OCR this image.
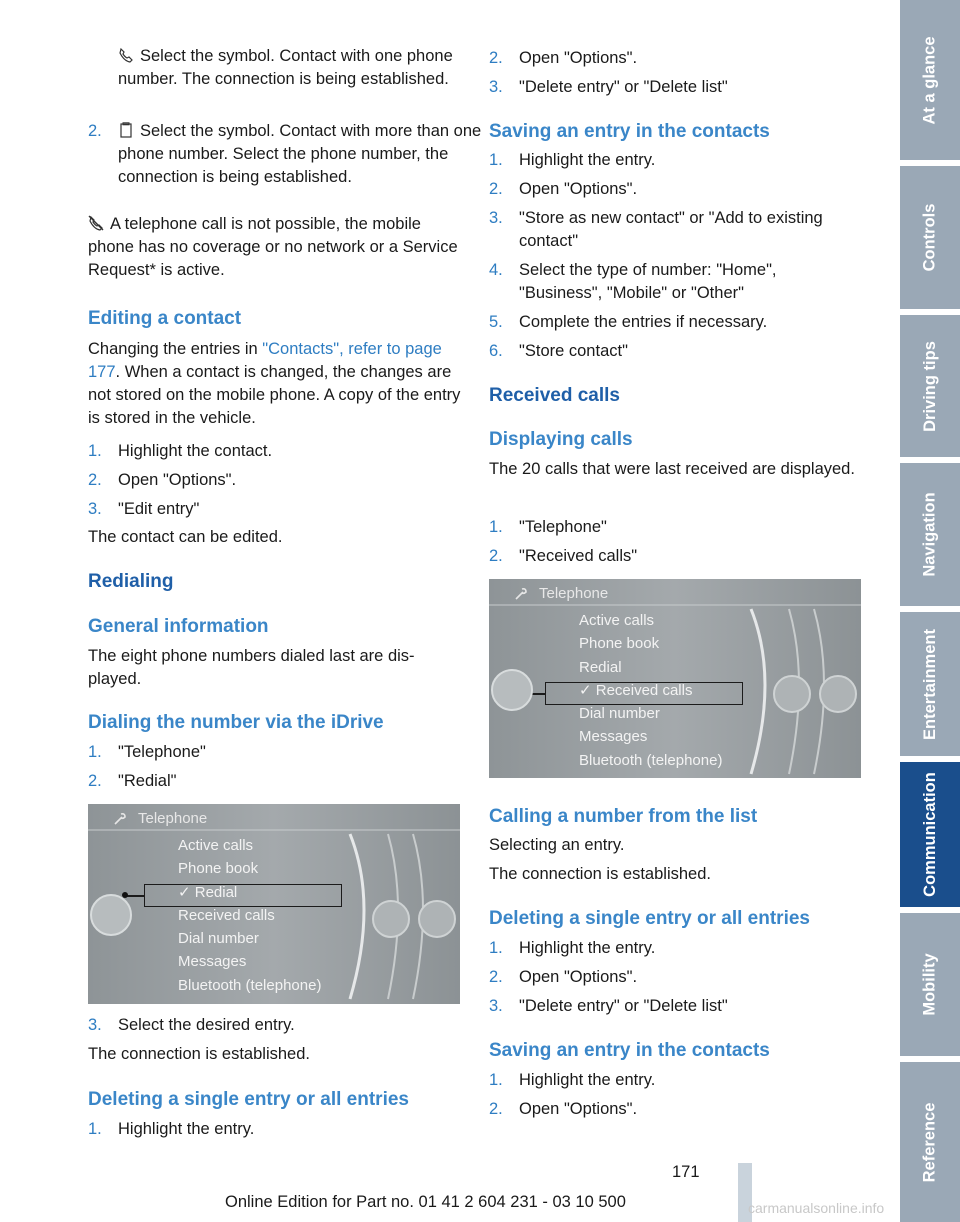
Select the symbol. Contact with one phone number. The connection is being established.
2. Select the symbol. Contact with more than one phone number. Select the phone number, the connection is being established.
A telephone call is not possible, the mobile phone has no coverage or no network or a Service Request* is active.
Editing a contact
Changing the entries in "Contacts", refer to page 177. When a contact is changed, the changes are not stored on the mobile phone. A copy of the entry is stored in the vehicle.
1. Highlight the contact.
2. Open "Options".
3. "Edit entry"
The contact can be edited.
Redialing
General information
The eight phone numbers dialed last are displayed.
Dialing the number via the iDrive
1. "Telephone"
2. "Redial"
Telephone
Active calls
Phone book
✓ Redial
Received calls
Dial number
Messages
Bluetooth (telephone)
3. Select the desired entry.
The connection is established.
Deleting a single entry or all entries
1. Highlight the entry.
2. Open "Options".
3. "Delete entry" or "Delete list"
Saving an entry in the contacts
1. Highlight the entry.
2. Open "Options".
3. "Store as new contact" or "Add to existing contact"
4. Select the type of number: "Home", "Business", "Mobile" or "Other"
5. Complete the entries if necessary.
6. "Store contact"
Received calls
Displaying calls
The 20 calls that were last received are displayed.
1. "Telephone"
2. "Received calls"
Telephone
Active calls
Phone book
Redial
✓ Received calls
Dial number
Messages
Bluetooth (telephone)
Calling a number from the list
Selecting an entry.
The connection is established.
Deleting a single entry or all entries
1. Highlight the entry.
2. Open "Options".
3. "Delete entry" or "Delete list"
Saving an entry in the contacts
1. Highlight the entry.
2. Open "Options".
At a glance
Controls
Driving tips
Navigation
Entertainment
Communication
Mobility
Reference
171
Online Edition for Part no. 01 41 2 604 231 - 03 10 500	carmanualsonline.info
